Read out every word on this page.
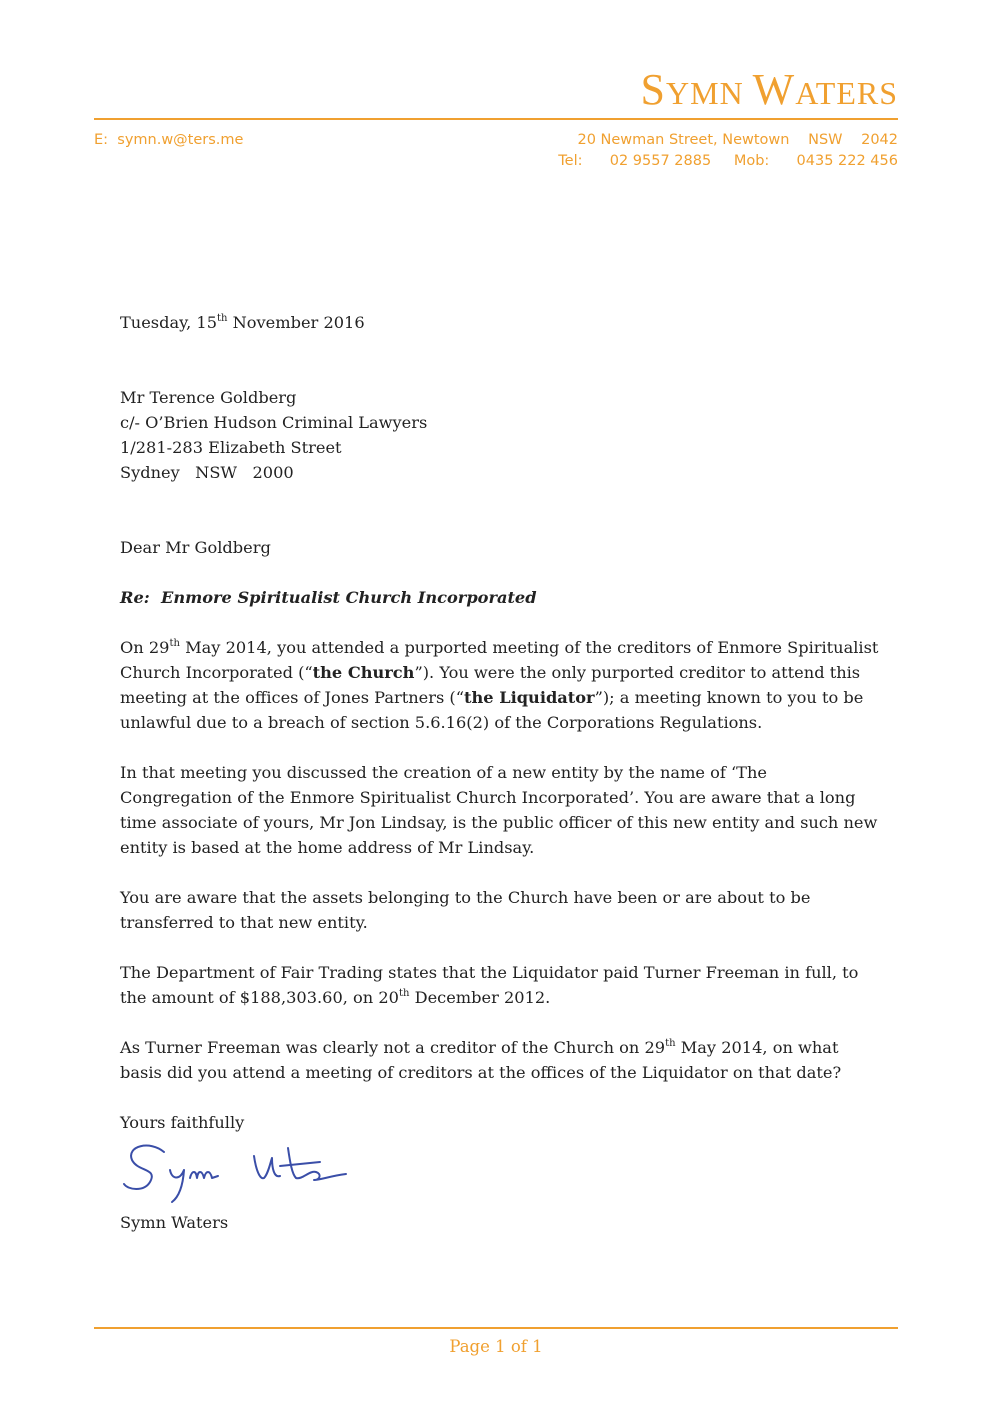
SYMN WATERS
E: symn.w@ters.me	20 Newman Street, Newtown NSW 2042
Tel: 02 9557 2885 Mob: 0435 222 456
Tuesday, 15th November 2016

Mr Terence Goldberg

c/- O’Brien Hudson Criminal Lawyers

1/281-283 Elizabeth Street

Sydney   NSW   2000

Dear Mr Goldberg
Re:  Enmore Spiritualist Church Incorporated
On 29th May 2014, you attended a purported meeting of the creditors of Enmore Spiritualist Church Incorporated (“the Church”). You were the only purported creditor to attend this meeting at the offices of Jones Partners (“the Liquidator”); a meeting known to you to be unlawful due to a breach of section 5.6.16(2) of the Corporations Regulations.
In that meeting you discussed the creation of a new entity by the name of ‘The Congregation of the Enmore Spiritualist Church Incorporated’. You are aware that a long time associate of yours, Mr Jon Lindsay, is the public officer of this new entity and such new entity is based at the home address of Mr Lindsay.
You are aware that the assets belonging to the Church have been or are about to be transferred to that new entity.
The Department of Fair Trading states that the Liquidator paid Turner Freeman in full, to the amount of $188,303.60, on 20th December 2012.
As Turner Freeman was clearly not a creditor of the Church on 29th May 2014, on what basis did you attend a meeting of creditors at the offices of the Liquidator on that date?
Yours faithfully
Symn Waters
Page 1 of 1
